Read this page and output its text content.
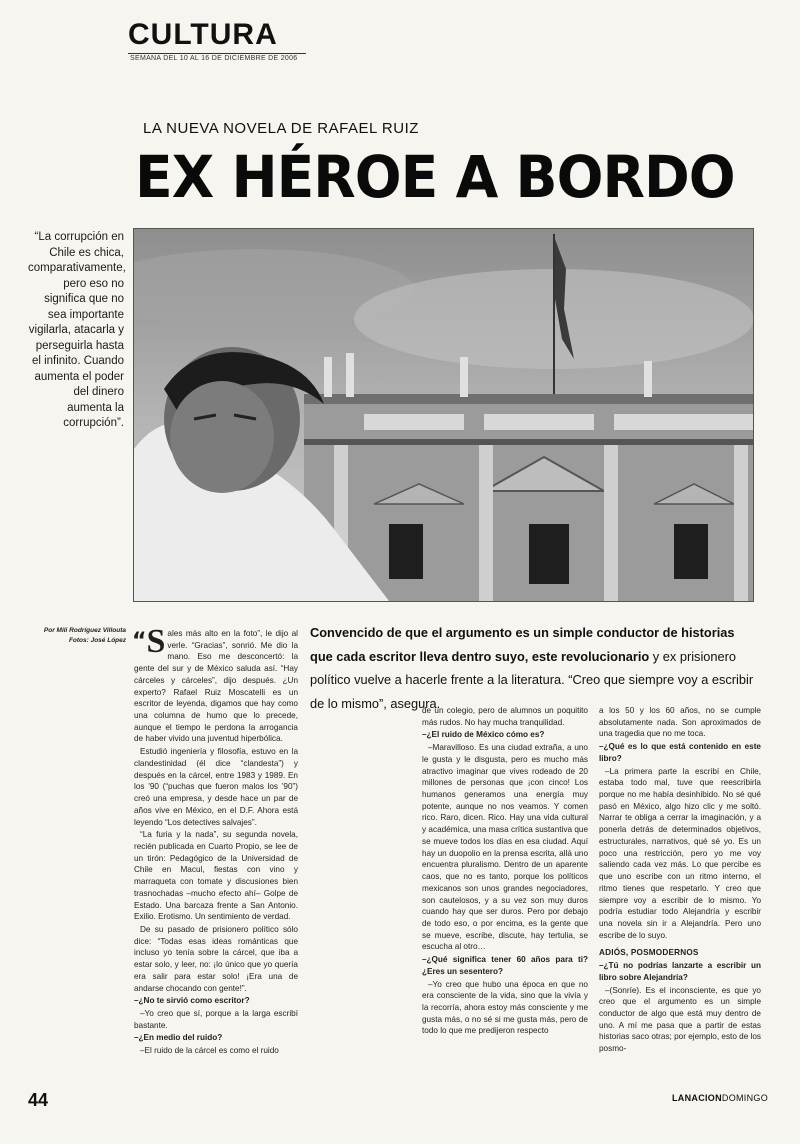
CULTURA
SEMANA DEL 10 AL 16 DE DICIEMBRE DE 2006
LA NUEVA NOVELA DE RAFAEL RUIZ
EX HÉROE A BORDO
“La corrupción en Chile es chica, comparativamente, pero eso no significa que no sea importante vigilarla, atacarla y perseguirla hasta el infinito. Cuando aumenta el poder del dinero aumenta la corrupción”.
Por Mili Rodríguez Villouta
Fotos: José López
Convencido de que el argumento es un simple conductor de historias que cada escritor lleva dentro suyo, este revolucionario y ex prisionero político vuelve a hacerle frente a la literatura. “Creo que siempre voy a escribir de lo mismo”, asegura.

“S ales más alto en la foto”, le dijo al verle. “Gracias”, sonrió. Me dio la mano. Eso me desconcertó: la gente del sur y de México saluda así. “Hay cárceles y cárceles”, dijo después. ¿Un experto? Rafael Ruiz Moscatelli es un escritor de leyenda, digamos que hay como una columna de humo que lo precede, aunque el tiempo le perdona la arrogancia de haber vivido una juventud hiperbólica.

Estudió ingeniería y filosofía, estuvo en la clandestinidad (él dice “clandesta”) y después en la cárcel, entre 1983 y 1989. En los ’90 (“puchas que fueron malos los ’90”) creó una empresa, y desde hace un par de años vive en México, en el D.F. Ahora está leyendo “Los detectives salvajes”.

“La furia y la nada”, su segunda novela, recién publicada en Cuarto Propio, se lee de un tirón: Pedagógico de la Universidad de Chile en Macul, fiestas con vino y marraqueta con tomate y discusiones bien trasnochadas –mucho efecto ahí– Golpe de Estado. Una barcaza frente a San Antonio. Exilio. Erotismo. Un sentimiento de verdad.

De su pasado de prisionero político sólo dice: “Todas esas ideas románticas que incluso yo tenía sobre la cárcel, que iba a estar solo, y leer, no: ¡lo único que yo quería era salir para estar solo! ¡Era una de andarse chocando con gente!”.

–¿No te sirvió como escritor?

–Yo creo que sí, porque a la larga escribí bastante.

–¿En medio del ruido?

–El ruido de la cárcel es como el ruido

de un colegio, pero de alumnos un poquitito más rudos. No hay mucha tranquilidad.

–¿El ruido de México cómo es?

–Maravilloso. Es una ciudad extraña, a uno le gusta y le disgusta, pero es mucho más atractivo imaginar que vives rodeado de 20 millones de personas que ¡con cinco! Los humanos generamos una energía muy potente, aunque no nos veamos. Y comen rico. Raro, dicen. Rico. Hay una vida cultural y académica, una masa crítica sustantiva que se mueve todos los días en esa ciudad. Aquí hay un duopolio en la prensa escrita, allá uno encuentra pluralismo. Dentro de un aparente caos, que no es tanto, porque los políticos mexicanos son unos grandes negociadores, son cautelosos, y a su vez son muy duros cuando hay que ser duros. Pero por debajo de todo eso, o por encima, es la gente que se mueve, escribe, discute, hay tertulia, se escucha al otro…

–¿Qué significa tener 60 años para ti? ¿Eres un sesentero?

–Yo creo que hubo una época en que no era consciente de la vida, sino que la vivía y la recorría, ahora estoy más consciente y me gusta más, o no sé si me gusta más, pero de todo lo que me predijeron respecto

a los 50 y los 60 años, no se cumple absolutamente nada. Son aproximados de una tragedia que no me toca.

–¿Qué es lo que está contenido en este libro?

–La primera parte la escribí en Chile, estaba todo mal, tuve que reescribirla porque no me había desinhibido. No sé qué pasó en México, algo hizo clic y me soltó. Narrar te obliga a cerrar la imaginación, y a ponerla detrás de determinados objetivos, estructurales, narrativos, qué sé yo. Es un poco una restricción, pero yo me voy saliendo cada vez más. Lo que percibe es que uno escribe con un ritmo interno, el ritmo tienes que respetarlo. Y creo que siempre voy a escribir de lo mismo. Yo podría estudiar todo Alejandría y escribir una novela sin ir a Alejandría. Pero uno escribe de lo suyo.

ADIÓS, POSMODERNOS

–¿Tú no podrías lanzarte a escribir un libro sobre Alejandría?

–(Sonríe). Es el inconsciente, es que yo creo que el argumento es un simple conductor de algo que está muy dentro de uno. A mí me pasa que a partir de estas historias saco otras; por ejemplo, esto de los posmo-

44	LANACIONDOMINGO
